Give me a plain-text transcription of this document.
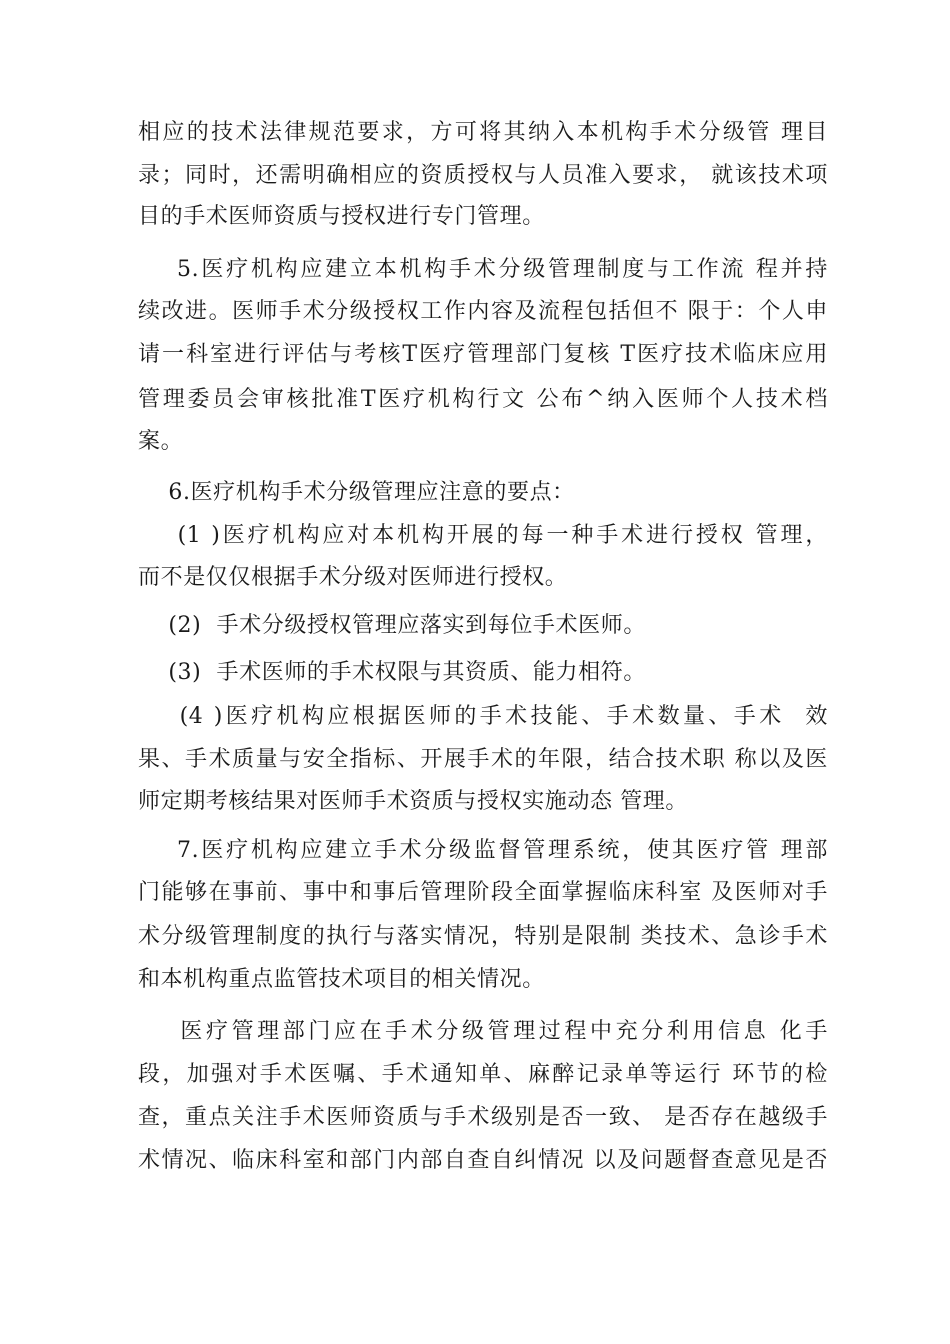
相应的技术法律规范要求，方可将其纳入本机构手术分级管 理目

录；同时，还需明确相应的资质授权与人员准入要求， 就该技术项

目的手术医师资质与授权进行专门管理。

5.医疗机构应建立本机构手术分级管理制度与工作流 程并持

续改进。医师手术分级授权工作内容及流程包括但不 限于：个人申

请一科室进行评估与考核T医疗管理部门复核 T医疗技术临床应用

管理委员会审核批准T医疗机构行文 公布^纳入医师个人技术档

案。

6.医疗机构手术分级管理应注意的要点：

(1 )医疗机构应对本机构开展的每一种手术进行授权 管理，

而不是仅仅根据手术分级对医师进行授权。

(2)  手术分级授权管理应落实到每位手术医师。

(3)  手术医师的手术权限与其资质、能力相符。

(4 )医疗机构应根据医师的手术技能、手术数量、手术  效

果、手术质量与安全指标、开展手术的年限，结合技术职 称以及医

师定期考核结果对医师手术资质与授权实施动态 管理。

7.医疗机构应建立手术分级监督管理系统，使其医疗管 理部

门能够在事前、事中和事后管理阶段全面掌握临床科室 及医师对手

术分级管理制度的执行与落实情况，特别是限制 类技术、急诊手术

和本机构重点监管技术项目的相关情况。

医疗管理部门应在手术分级管理过程中充分利用信息 化手

段，加强对手术医嘱、手术通知单、麻醉记录单等运行 环节的检

查，重点关注手术医师资质与手术级别是否一致、 是否存在越级手

术情况、临床科室和部门内部自查自纠情况 以及问题督查意见是否
